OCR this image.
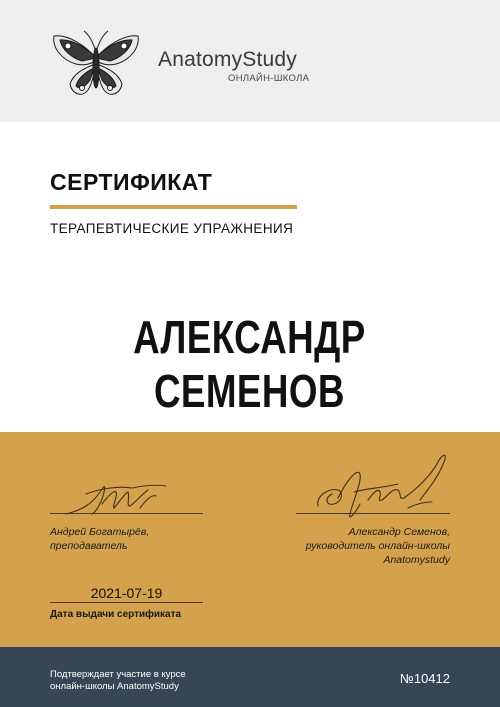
AnatomyStudy
ОНЛАЙН-ШКОЛА
СЕРТИФИКАТ
ТЕРАПЕВТИЧЕСКИЕ УПРАЖНЕНИЯ
АЛЕКСАНДР СЕМЕНОВ
Андрей Богатырёв,
преподаватель
Александр Семенов,
руководитель онлайн-школы
Anatomystudy
2021-07-19
Дата выдачи сертификата
Подтверждает участие в курсе
онлайн-школы AnatomyStudy
№10412
